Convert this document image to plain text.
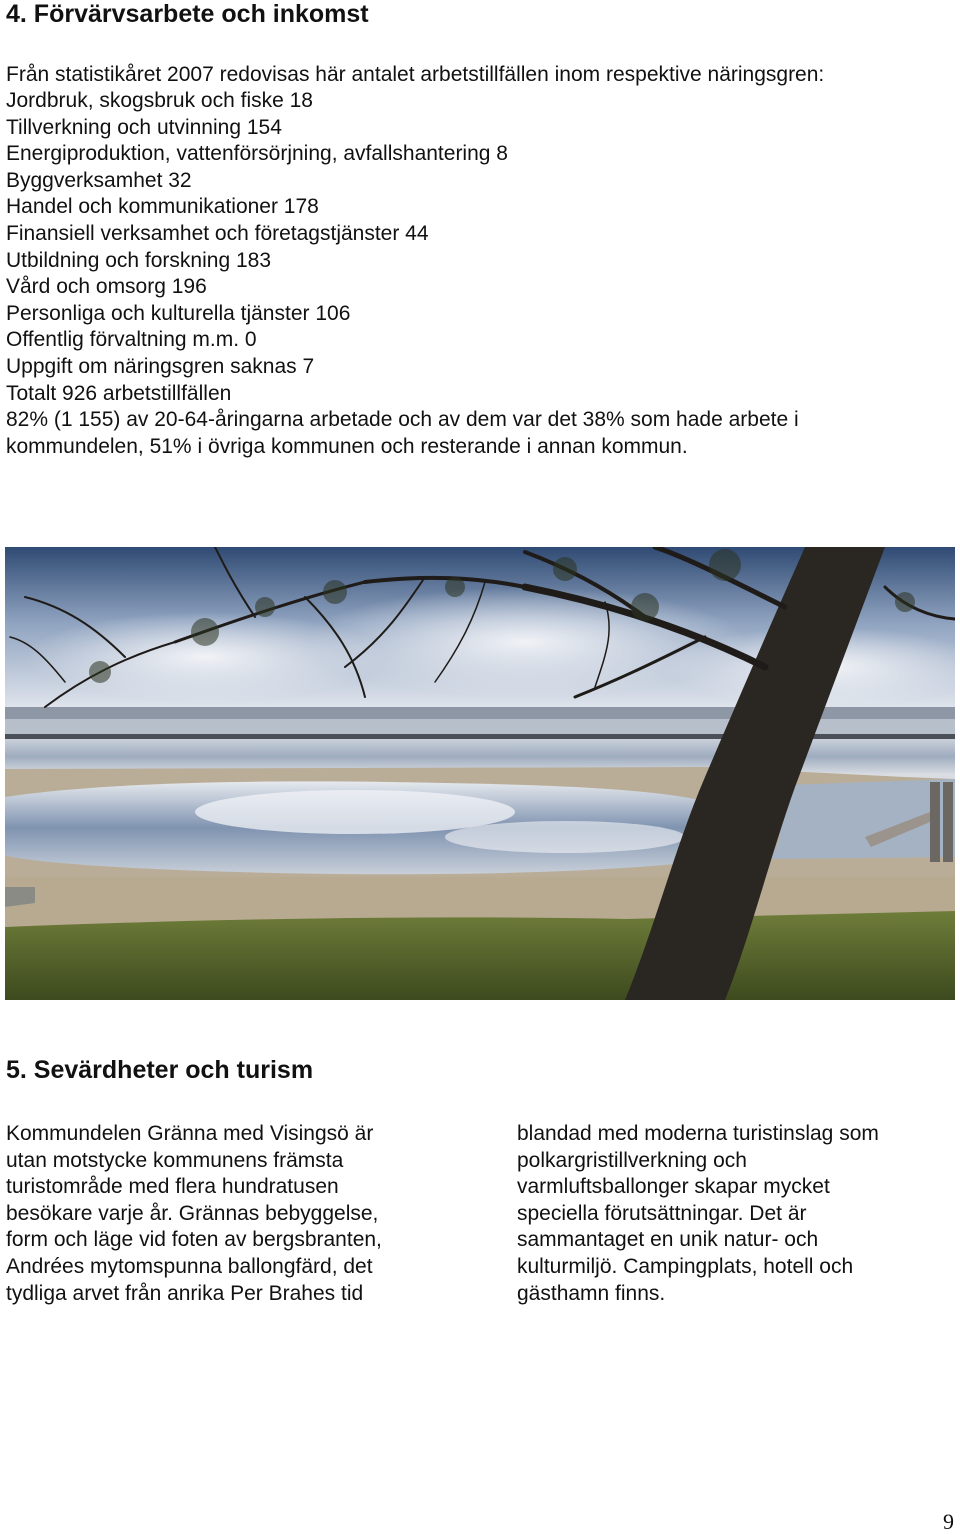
4. Förvärvsarbete och inkomst

Från statistikåret 2007 redovisas här antalet arbetstillfällen inom respektive näringsgren:

Jordbruk, skogsbruk och fiske 18
Tillverkning och utvinning 154
Energiproduktion, vattenförsörjning, avfallshantering 8
Byggverksamhet 32
Handel och kommunikationer 178
Finansiell verksamhet och företagstjänster 44
Utbildning och forskning 183
Vård och omsorg 196
Personliga och kulturella tjänster 106
Offentlig förvaltning m.m. 0
Uppgift om näringsgren saknas 7
Totalt 926 arbetstillfällen

82% (1 155) av 20-64-åringarna arbetade och av dem var det 38% som hade arbete i kommundelen, 51% i övriga kommunen och resterande i annan kommun.

5. Sevärdheter och turism
Kommundelen Gränna med Visingsö är
utan motstycke kommunens främsta
turistområde med flera hundratusen
besökare varje år. Grännas bebyggelse,
form och läge vid foten av bergsbranten,
Andrées mytomspunna ballongfärd, det
tydliga arvet från anrika Per Brahes tid
blandad med moderna turistinslag som
polkargristillverkning och
varmluftsballonger skapar mycket
speciella förutsättningar. Det är
sammantaget en unik natur- och
kulturmiljö. Campingplats, hotell och
gästhamn finns.
9
